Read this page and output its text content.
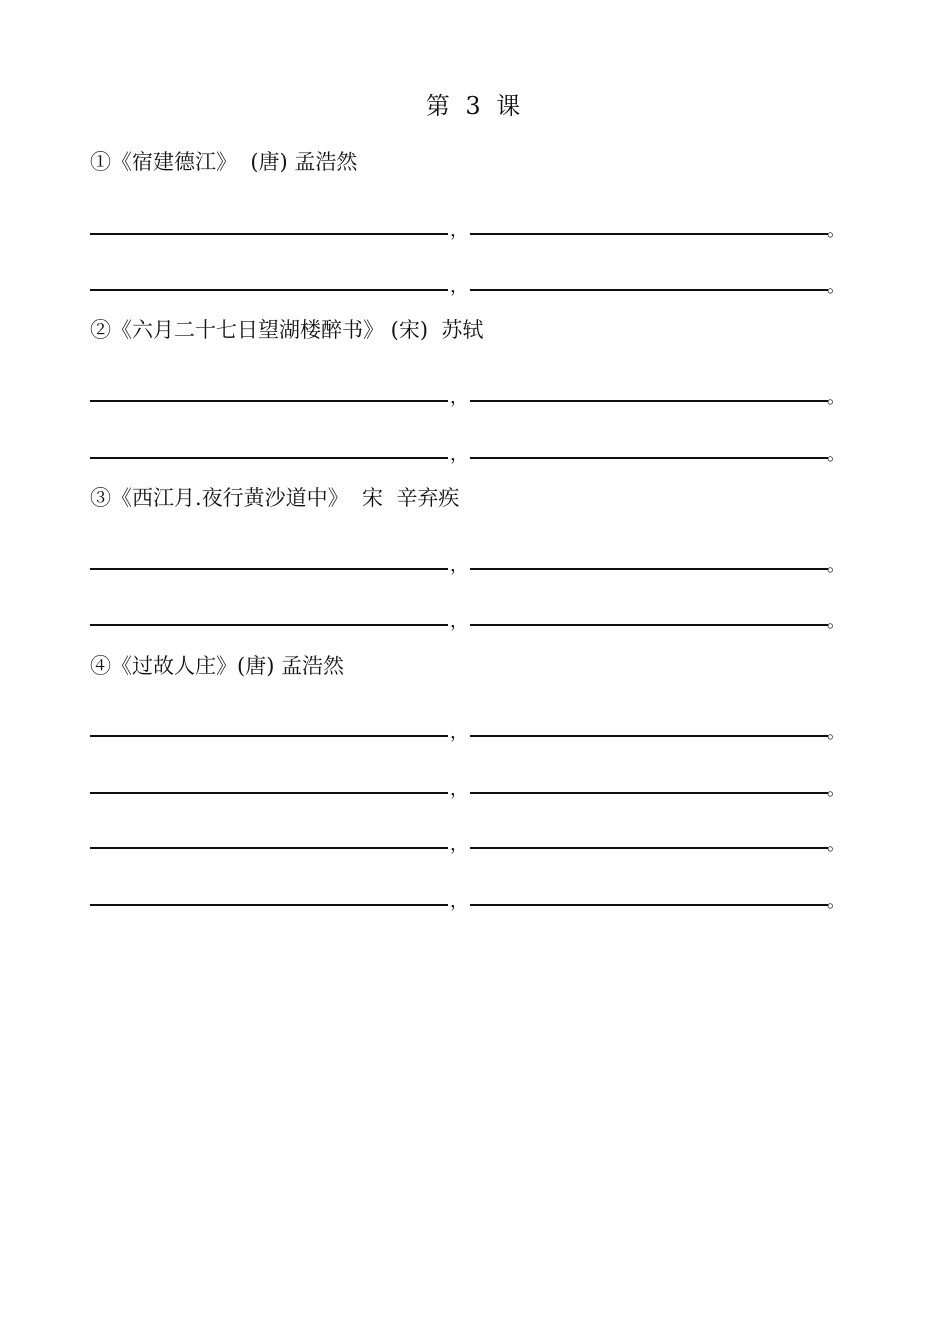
第 3 课
①《宿建德江》  (唐) 孟浩然
，	。
，	。
②《六月二十七日望湖楼醉书》 (宋)  苏轼
，	。
，	。
③《西江月.夜行黄沙道中》  宋  辛弃疾
，	。
，	。
④《过故人庄》(唐) 孟浩然
，	。
，	。
，	。
，	。
